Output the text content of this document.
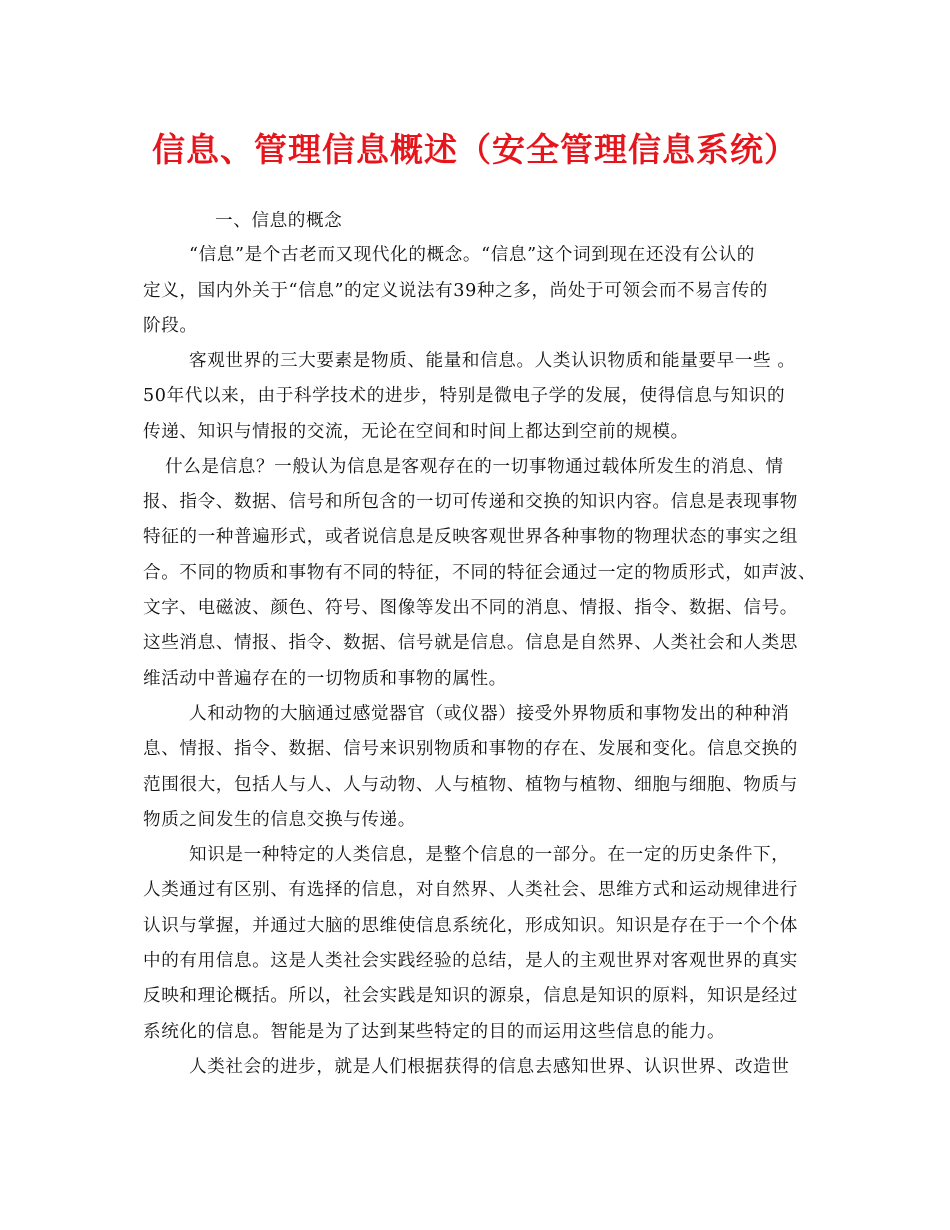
信息、管理信息概述（安全管理信息系统）
一、信息的概念
“信息”是个古老而又现代化的概念。“信息”这个词到现在还没有公认的
定义，国内外关于“信息”的定义说法有39种之多，尚处于可领会而不易言传的
阶段。
客观世界的三大要素是物质、能量和信息。人类认识物质和能量要早一些 。
50年代以来，由于科学技术的进步，特别是微电子学的发展，使得信息与知识的
传递、知识与情报的交流，无论在空间和时间上都达到空前的规模。
什么是信息？一般认为信息是客观存在的一切事物通过载体所发生的消息、情
报、指令、数据、信号和所包含的一切可传递和交换的知识内容。信息是表现事物
特征的一种普遍形式，或者说信息是反映客观世界各种事物的物理状态的事实之组
合。不同的物质和事物有不同的特征，不同的特征会通过一定的物质形式，如声波、
文字、电磁波、颜色、符号、图像等发出不同的消息、情报、指令、数据、信号。
这些消息、情报、指令、数据、信号就是信息。信息是自然界、人类社会和人类思
维活动中普遍存在的一切物质和事物的属性。
人和动物的大脑通过感觉器官（或仪器）接受外界物质和事物发出的种种消
息、情报、指令、数据、信号来识别物质和事物的存在、发展和变化。信息交换的
范围很大，包括人与人、人与动物、人与植物、植物与植物、细胞与细胞、物质与
物质之间发生的信息交换与传递。
知识是一种特定的人类信息，是整个信息的一部分。在一定的历史条件下，
人类通过有区别、有选择的信息，对自然界、人类社会、思维方式和运动规律进行
认识与掌握，并通过大脑的思维使信息系统化，形成知识。知识是存在于一个个体
中的有用信息。这是人类社会实践经验的总结，是人的主观世界对客观世界的真实
反映和理论概括。所以，社会实践是知识的源泉，信息是知识的原料，知识是经过
系统化的信息。智能是为了达到某些特定的目的而运用这些信息的能力。
人类社会的进步，就是人们根据获得的信息去感知世界、认识世界、改造世
